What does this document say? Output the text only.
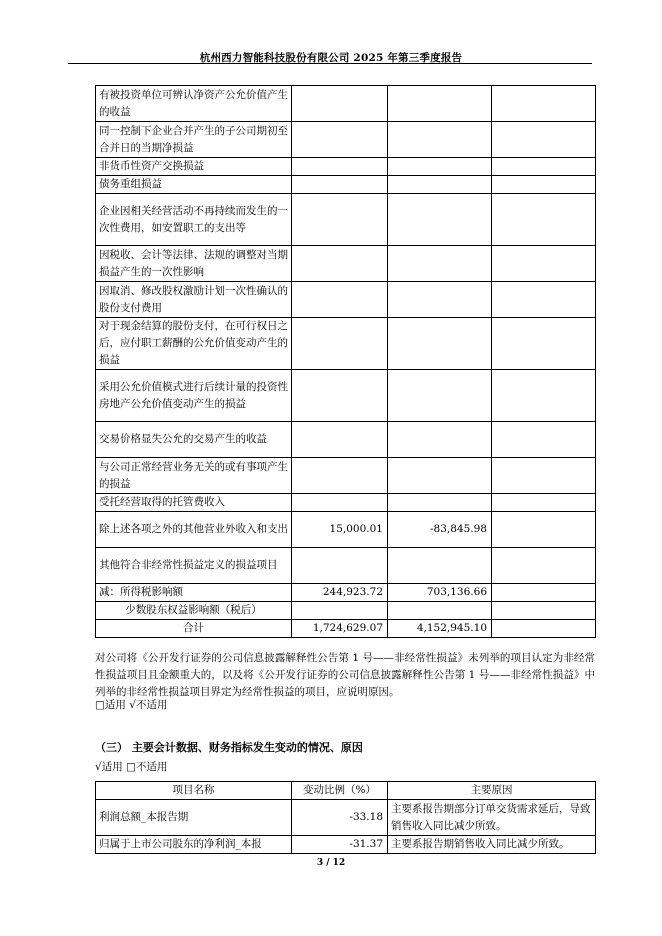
杭州西力智能科技股份有限公司 2025 年第三季度报告
有被投资单位可辨认净资产公允价值产生的收益			
同一控制下企业合并产生的子公司期初至合并日的当期净损益			
非货币性资产交换损益			
债务重组损益			
企业因相关经营活动不再持续而发生的一次性费用，如安置职工的支出等			
因税收、会计等法律、法规的调整对当期损益产生的一次性影响			
因取消、修改股权激励计划一次性确认的股份支付费用			
对于现金结算的股份支付，在可行权日之后，应付职工薪酬的公允价值变动产生的损益			
采用公允价值模式进行后续计量的投资性房地产公允价值变动产生的损益			
交易价格显失公允的交易产生的收益			
与公司正常经营业务无关的或有事项产生的损益			
受托经营取得的托管费收入			
除上述各项之外的其他营业外收入和支出	15,000.01	-83,845.98	
其他符合非经常性损益定义的损益项目			
减：所得税影响额	244,923.72	703,136.66	
少数股东权益影响额（税后）			
合计	1,724,629.07	4,152,945.10	
对公司将《公开发行证券的公司信息披露解释性公告第 1 号——非经常性损益》未列举的项目认定为非经常性损益项目且金额重大的，以及将《公开发行证券的公司信息披露解释性公告第 1 号——非经常性损益》中列举的非经常性损益项目界定为经常性损益的项目，应说明原因。
□适用 √不适用
（三） 主要会计数据、财务指标发生变动的情况、原因
√适用 □不适用
项目名称	变动比例（%）	主要原因
利润总额_本报告期	-33.18	主要系报告期部分订单交货需求延后，导致销售收入同比减少所致。
归属于上市公司股东的净利润_本报	-31.37	主要系报告期销售收入同比减少所致。
3 / 12
